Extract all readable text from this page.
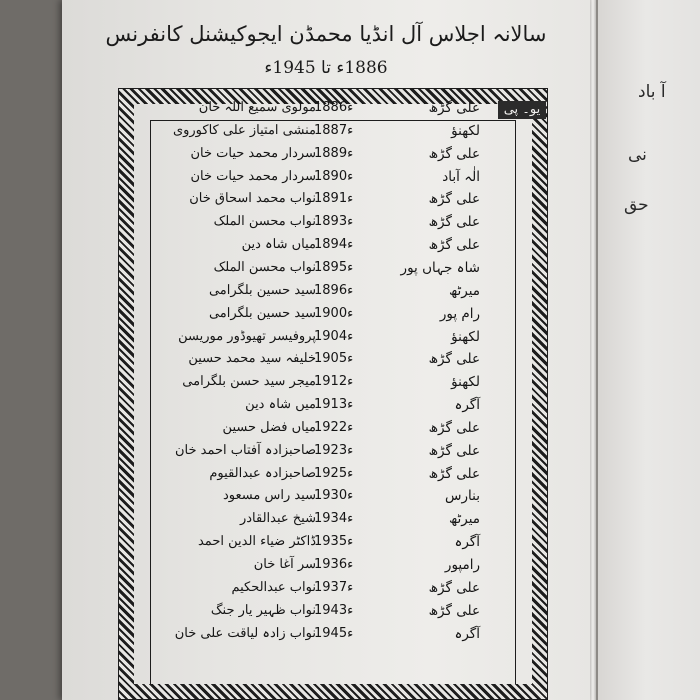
آ باد
نی
حق
سالانہ اجلاس آل انڈیا محمڈن ایجوکیشنل کانفرنس
1886ء تا 1945ء
یو۔ پی
علی گڑھ
1886ء
مولوی سمیع اللہ خان
لکھنؤ
1887ء
منشی امتیاز علی کاکوروی
علی گڑھ
1889ء
سردار محمد حیات خان
الٰہ آباد
1890ء
سردار محمد حیات خان
علی گڑھ
1891ء
نواب محمد اسحاق خان
علی گڑھ
1893ء
نواب محسن الملک
علی گڑھ
1894ء
میاں شاہ دین
شاہ جہاں پور
1895ء
نواب محسن الملک
میرٹھ
1896ء
سید حسین بلگرامی
رام پور
1900ء
سید حسین بلگرامی
لکھنؤ
1904ء
پروفیسر تھیوڈور موریسن
علی گڑھ
1905ء
خلیفہ سید محمد حسین
لکھنؤ
1912ء
میجر سید حسن بلگرامی
آگرہ
1913ء
میں شاہ دین
علی گڑھ
1922ء
میاں فضل حسین
علی گڑھ
1923ء
صاحبزادہ آفتاب احمد خان
علی گڑھ
1925ء
صاحبزادہ عبدالقیوم
بنارس
1930ء
سید راس مسعود
میرٹھ
1934ء
شیخ عبدالقادر
آگرہ
1935ء
ڈاکٹر ضیاء الدین احمد
رامپور
1936ء
سر آغا خان
علی گڑھ
1937ء
نواب عبدالحکیم
علی گڑھ
1943ء
نواب ظہیر یار جنگ
آگرہ
1945ء
نواب زادہ لیاقت علی خان
